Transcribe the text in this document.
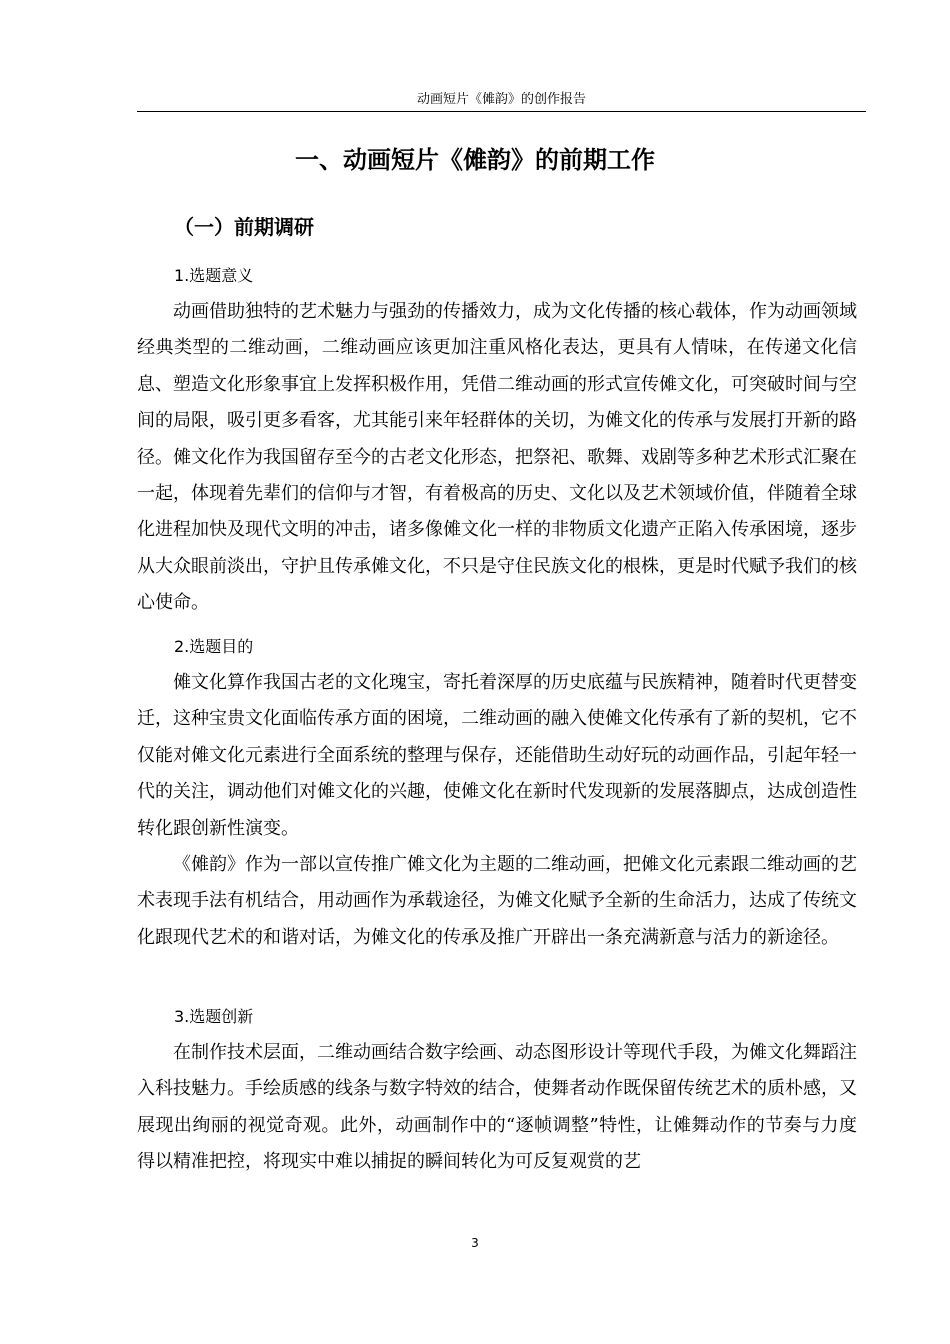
动画短片《傩韵》的创作报告
一、动画短片《傩韵》的前期工作
（一）前期调研
1.选题意义

动画借助独特的艺术魅力与强劲的传播效力，成为文化传播的核心载体，作为动画领域经典类型的二维动画，二维动画应该更加注重风格化表达，更具有人情味，在传递文化信息、塑造文化形象事宜上发挥积极作用，凭借二维动画的形式宣传傩文化，可突破时间与空间的局限，吸引更多看客，尤其能引来年轻群体的关切，为傩文化的传承与发展打开新的路径。傩文化作为我国留存至今的古老文化形态，把祭祀、歌舞、戏剧等多种艺术形式汇聚在一起，体现着先辈们的信仰与才智，有着极高的历史、文化以及艺术领域价值，伴随着全球化进程加快及现代文明的冲击，诸多像傩文化一样的非物质文化遗产正陷入传承困境，逐步从大众眼前淡出，守护且传承傩文化，不只是守住民族文化的根株，更是时代赋予我们的核心使命。

2.选题目的

傩文化算作我国古老的文化瑰宝，寄托着深厚的历史底蕴与民族精神，随着时代更替变迁，这种宝贵文化面临传承方面的困境，二维动画的融入使傩文化传承有了新的契机，它不仅能对傩文化元素进行全面系统的整理与保存，还能借助生动好玩的动画作品，引起年轻一代的关注，调动他们对傩文化的兴趣，使傩文化在新时代发现新的发展落脚点，达成创造性转化跟创新性演变。

《傩韵》作为一部以宣传推广傩文化为主题的二维动画，把傩文化元素跟二维动画的艺术表现手法有机结合，用动画作为承载途径，为傩文化赋予全新的生命活力，达成了传统文化跟现代艺术的和谐对话，为傩文化的传承及推广开辟出一条充满新意与活力的新途径。

3.选题创新

在制作技术层面，二维动画结合数字绘画、动态图形设计等现代手段，为傩文化舞蹈注入科技魅力。手绘质感的线条与数字特效的结合，使舞者动作既保留传统艺术的质朴感，又展现出绚丽的视觉奇观。此外，动画制作中的“逐帧调整”特性，让傩舞动作的节奏与力度得以精准把控，将现实中难以捕捉的瞬间转化为可反复观赏的艺

3
